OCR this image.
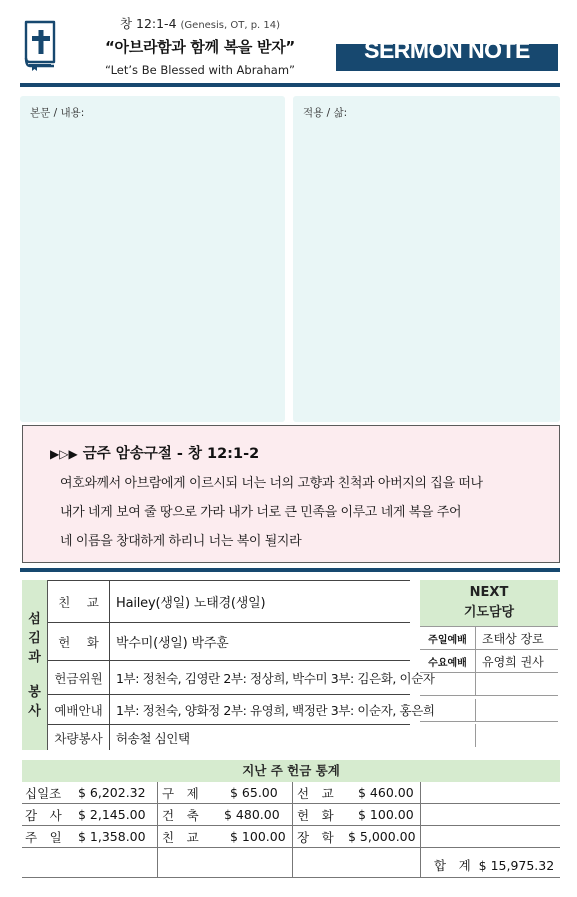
창 12:1-4 (Genesis, OT, p. 14)
“아브라함과 함께 복을 받자”
“Let’s Be Blessed with Abraham”
SERMON NOTE
본문 / 내용:	적용 / 삶:
▶▷▶ 금주 암송구절 - 창 12:1-2
여호와께서 아브람에게 이르시되 너는 너의 고향과 친척과 아버지의 집을 떠나
내가 네게 보여 줄 땅으로 가라 내가 너로 큰 민족을 이루고 네게 복을 주어
네 이름을 창대하게 하리니 너는 복이 될지라
섬
김
과
봉
사
친　 교	Hailey(생일) 노태경(생일)
헌　 화	박수미(생일) 박주훈
헌금위원	1부: 정천숙, 김영란 2부: 정상희, 박수미 3부: 김은화, 이순자
예배안내	1부: 정천숙, 양화정 2부: 유영희, 백정란 3부: 이순자, 홍은희
차량봉사	허송철 심인택
NEXT
기도담당
주일예배	조태상 장로
수요예배	유영희 권사
지난 주 헌금 통계
십일조 $ 6,202.32 구　제	$ 65.00 선　교 $ 460.00
감　사 $ 2,145.00 건　축 $ 480.00 헌　화 $ 100.00
주　일 $ 1,358.00 친　교	$ 100.00 장　학 $ 5,000.00
합　계 $ 15,975.32
